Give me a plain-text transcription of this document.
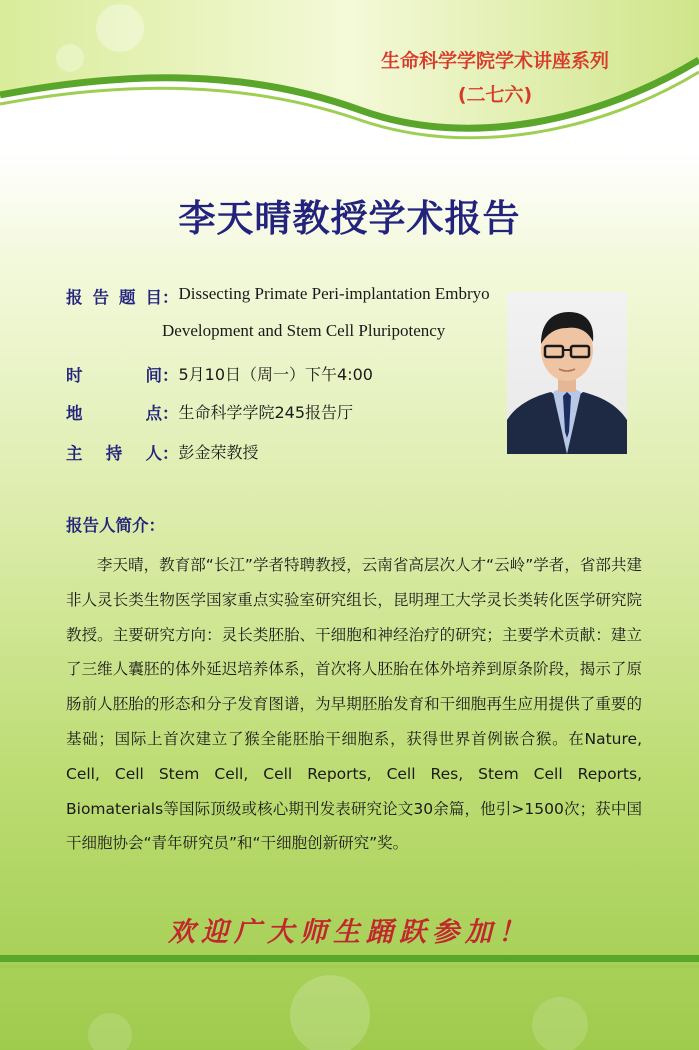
生命科学学院学术讲座系列
(二七六)
李天晴教授学术报告
报 告 题 目 ： Dissecting Primate Peri-implantation Embryo
Development and Stem Cell Pluripotency
时	间 ： 5月10日（周一）下午4:00
地	点 ： 生命科学学院245报告厅
主 持 人 ： 彭金荣教授
报告人简介：
李天晴，教育部“长江”学者特聘教授，云南省高层次人才“云岭”学者，省部共建非人灵长类生物医学国家重点实验室研究组长，昆明理工大学灵长类转化医学研究院教授。主要研究方向：灵长类胚胎、干细胞和神经治疗的研究；主要学术贡献：建立了三维人囊胚的体外延迟培养体系，首次将人胚胎在体外培养到原条阶段，揭示了原肠前人胚胎的形态和分子发育图谱，为早期胚胎发育和干细胞再生应用提供了重要的基础；国际上首次建立了猴全能胚胎干细胞系，获得世界首例嵌合猴。在Nature, Cell, Cell Stem Cell, Cell Reports, Cell Res, Stem Cell Reports, Biomaterials等国际顶级或核心期刊发表研究论文30余篇，他引>1500次；获中国干细胞协会“青年研究员”和“干细胞创新研究”奖。
欢迎广大师生踊跃参加！
